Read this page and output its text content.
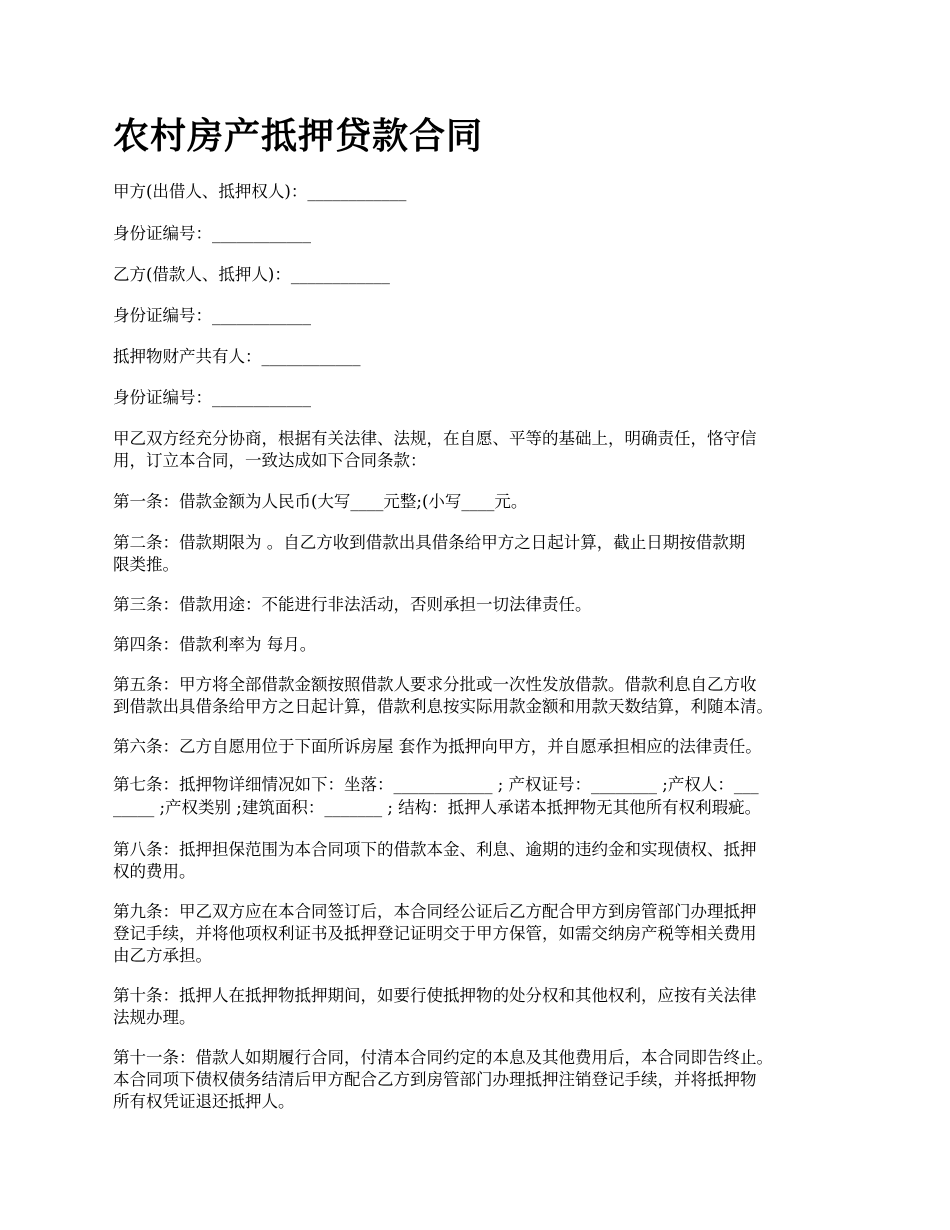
农村房产抵押贷款合同

甲方(出借人、抵押权人)：____________

身份证编号：____________

乙方(借款人、抵押人)：____________

身份证编号：____________

抵押物财产共有人：____________

身份证编号：____________

甲乙双方经充分协商，根据有关法律、法规，在自愿、平等的基础上，明确责任，恪守信

用，订立本合同，一致达成如下合同条款：

第一条：借款金额为人民币(大写____元整;(小写____元。

第二条：借款期限为 。自乙方收到借款出具借条给甲方之日起计算，截止日期按借款期

限类推。

第三条：借款用途：不能进行非法活动，否则承担一切法律责任。

第四条：借款利率为 每月。

第五条：甲方将全部借款金额按照借款人要求分批或一次性发放借款。借款利息自乙方收

到借款出具借条给甲方之日起计算，借款利息按实际用款金额和用款天数结算，利随本清。

第六条：乙方自愿用位于下面所诉房屋 套作为抵押向甲方，并自愿承担相应的法律责任。

第七条：抵押物详细情况如下：坐落：____________ ; 产权证号：________ ;产权人：___

_____ ;产权类别 ;建筑面积：_______ ; 结构：抵押人承诺本抵押物无其他所有权利瑕疵。

第八条：抵押担保范围为本合同项下的借款本金、利息、逾期的违约金和实现债权、抵押

权的费用。

第九条：甲乙双方应在本合同签订后，本合同经公证后乙方配合甲方到房管部门办理抵押

登记手续，并将他项权利证书及抵押登记证明交于甲方保管，如需交纳房产税等相关费用

由乙方承担。

第十条：抵押人在抵押物抵押期间，如要行使抵押物的处分权和其他权利，应按有关法律

法规办理。

第十一条：借款人如期履行合同，付清本合同约定的本息及其他费用后，本合同即告终止。

本合同项下债权债务结清后甲方配合乙方到房管部门办理抵押注销登记手续，并将抵押物

所有权凭证退还抵押人。
